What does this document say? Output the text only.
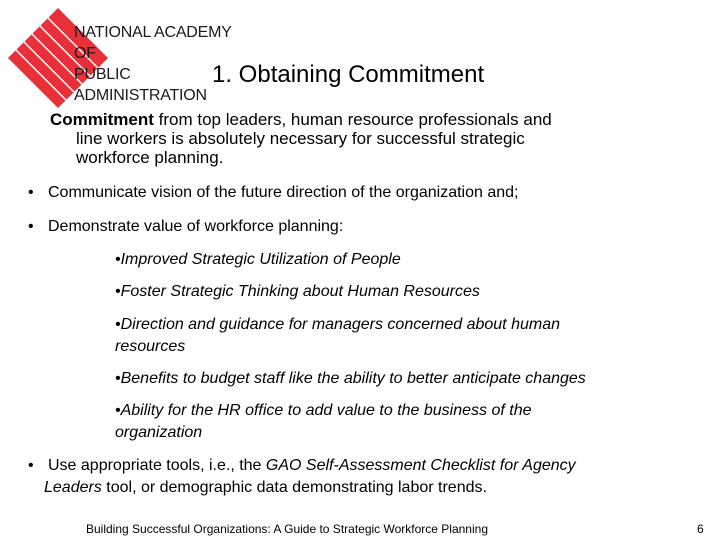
NATIONAL ACADEMY OF
PUBLIC ADMINISTRATION
1. Obtaining Commitment
Commitment from top leaders, human resource professionals and
line workers is absolutely necessary for successful strategic
workforce planning.
• Communicate vision of the future direction of the organization and;
• Demonstrate value of workforce planning:
•Improved Strategic Utilization of People
•Foster Strategic Thinking about Human Resources
•Direction and guidance for managers concerned about human resources
•Benefits to budget staff like the ability to better anticipate changes
•Ability for the HR office to add value to the business of the organization
• Use appropriate tools, i.e., the GAO Self-Assessment Checklist for Agency
Leaders tool, or demographic data demonstrating labor trends.
Building Successful Organizations: A Guide to Strategic Workforce Planning	6
